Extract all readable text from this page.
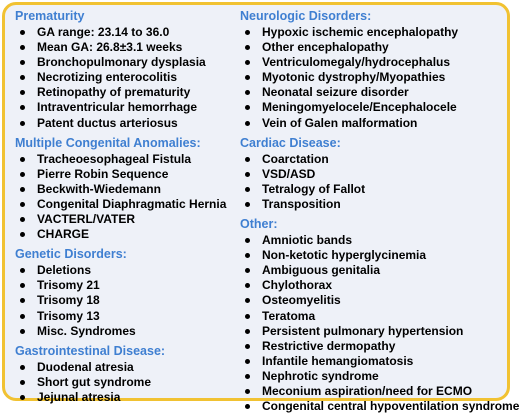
Prematurity
GA range: 23.14 to 36.0
Mean GA: 26.8±3.1 weeks
Bronchopulmonary dysplasia
Necrotizing enterocolitis
Retinopathy of prematurity
Intraventricular hemorrhage
Patent ductus arteriosus
Multiple Congenital Anomalies:
Tracheoesophageal Fistula
Pierre Robin Sequence
Beckwith-Wiedemann
Congenital Diaphragmatic Hernia
VACTERL/VATER
CHARGE
Genetic Disorders:
Deletions
Trisomy 21
Trisomy 18
Trisomy 13
Misc. Syndromes
Gastrointestinal Disease:
Duodenal atresia
Short gut syndrome
Jejunal atresia
Neurologic Disorders:
Hypoxic ischemic encephalopathy
Other encephalopathy
Ventriculomegaly/hydrocephalus
Myotonic dystrophy/Myopathies
Neonatal seizure disorder
Meningomyelocele/Encephalocele
Vein of Galen malformation
Cardiac Disease:
Coarctation
VSD/ASD
Tetralogy of Fallot
Transposition
Other:
Amniotic bands
Non-ketotic hyperglycinemia
Ambiguous genitalia
Chylothorax
Osteomyelitis
Teratoma
Persistent pulmonary hypertension
Restrictive dermopathy
Infantile hemangiomatosis
Nephrotic syndrome
Meconium aspiration/need for ECMO
Congenital central hypoventilation syndrome
